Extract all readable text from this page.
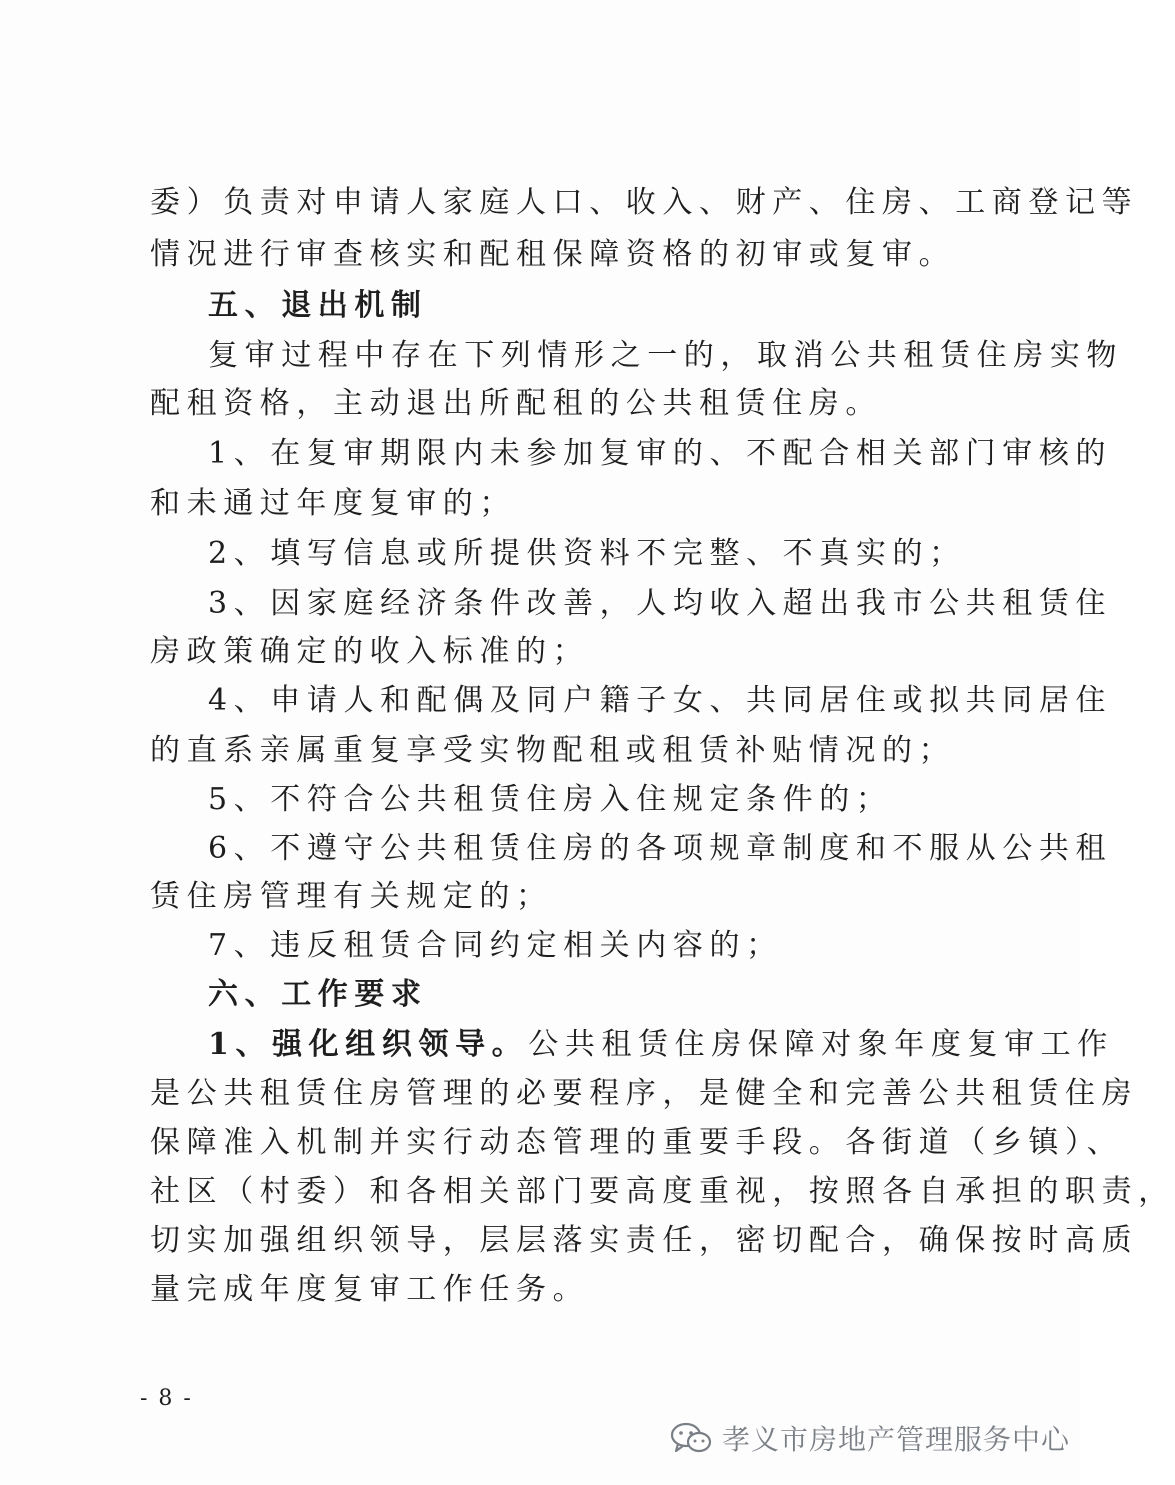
委）负责对申请人家庭人口、收入、财产、住房、工商登记等
情况进行审查核实和配租保障资格的初审或复审。
五、退出机制
复审过程中存在下列情形之一的，取消公共租赁住房实物
配租资格，主动退出所配租的公共租赁住房。
1、在复审期限内未参加复审的、不配合相关部门审核的
和未通过年度复审的；
2、填写信息或所提供资料不完整、不真实的；
3、因家庭经济条件改善，人均收入超出我市公共租赁住
房政策确定的收入标准的；
4、申请人和配偶及同户籍子女、共同居住或拟共同居住
的直系亲属重复享受实物配租或租赁补贴情况的；
5、不符合公共租赁住房入住规定条件的；
6、不遵守公共租赁住房的各项规章制度和不服从公共租
赁住房管理有关规定的；
7、违反租赁合同约定相关内容的；
六、工作要求
1、强化组织领导。公共租赁住房保障对象年度复审工作
是公共租赁住房管理的必要程序，是健全和完善公共租赁住房
保障准入机制并实行动态管理的重要手段。各街道（乡镇）、
社区（村委）和各相关部门要高度重视，按照各自承担的职责，
切实加强组织领导，层层落实责任，密切配合，确保按时高质
量完成年度复审工作任务。
- 8 -
孝义市房地产管理服务中心
